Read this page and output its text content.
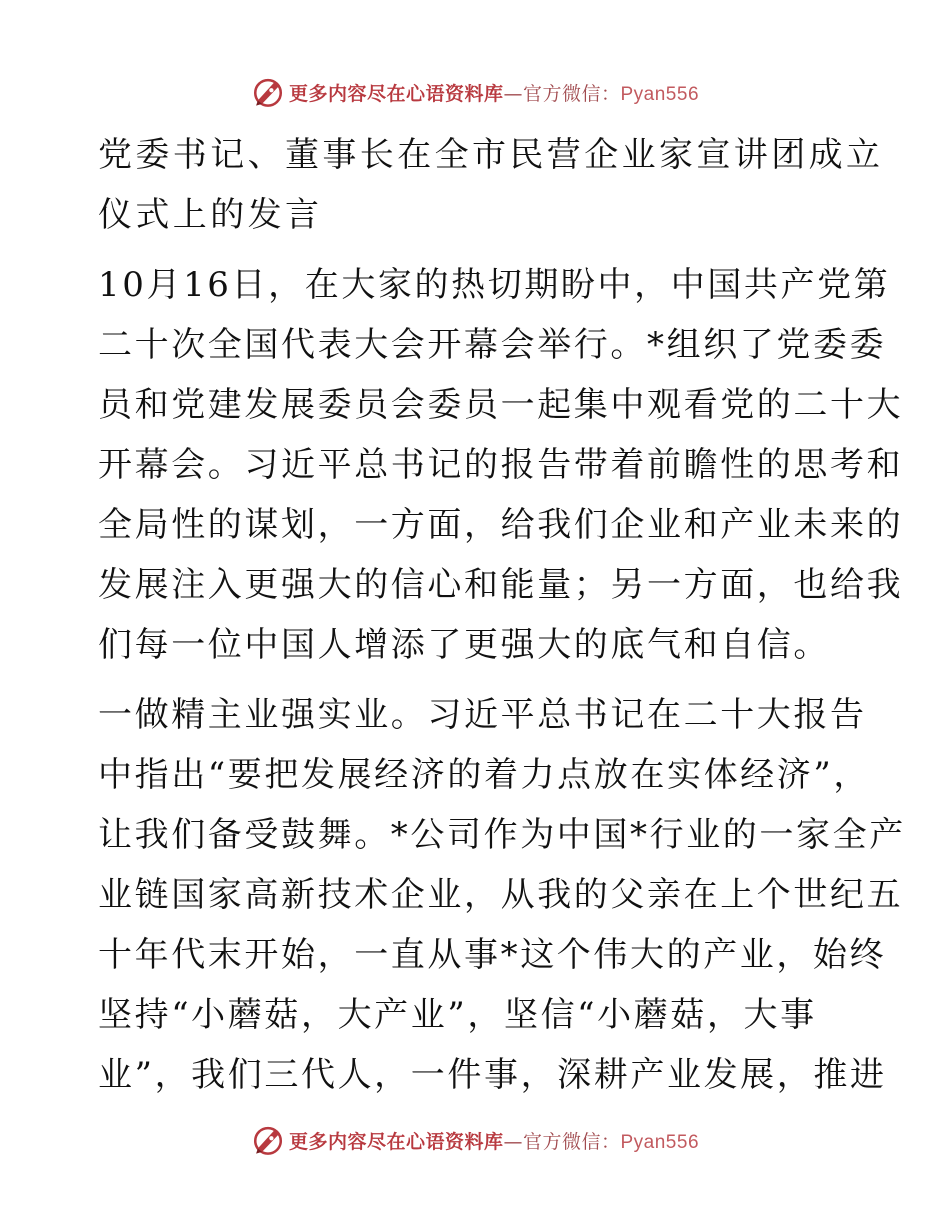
更多内容尽在心语资料库—官方微信：Pyan556
党委书记、董事长在全市民营企业家宣讲团成立
仪式上的发言
10月16日，在大家的热切期盼中，中国共产党第
二十次全国代表大会开幕会举行。*组织了党委委
员和党建发展委员会委员一起集中观看党的二十大
开幕会。习近平总书记的报告带着前瞻性的思考和
全局性的谋划，一方面，给我们企业和产业未来的
发展注入更强大的信心和能量；另一方面，也给我
们每一位中国人增添了更强大的底气和自信。
一做精主业强实业。习近平总书记在二十大报告
中指出“要把发展经济的着力点放在实体经济”，
让我们备受鼓舞。*公司作为中国*行业的一家全产
业链国家高新技术企业，从我的父亲在上个世纪五
十年代末开始，一直从事*这个伟大的产业，始终
坚持“小蘑菇，大产业”，坚信“小蘑菇，大事
业”，我们三代人，一件事，深耕产业发展，推进
更多内容尽在心语资料库—官方微信：Pyan556
